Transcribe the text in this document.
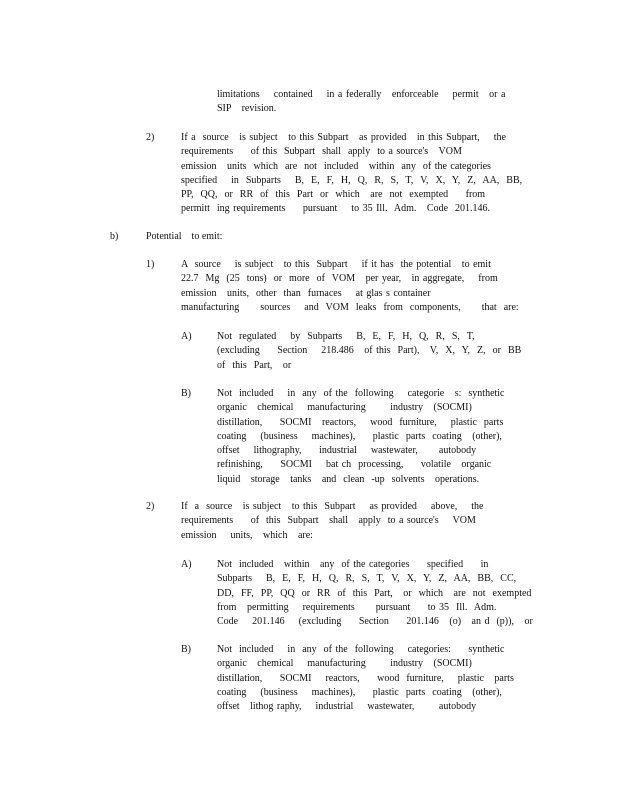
limitations    contained    in a federally   enforceable    permit   or a

SIP   revision.

2)	If a  source   is subject   to this Subpart   as provided   in this Subpart,    the

requirements     of this  Subpart  shall  apply  to a source's   VOM

emission   units  which  are  not  included   within  any  of the categories

specified    in  Subparts    B,  E,  F,  H,  Q,  R,  S,  T,  V,  X,  Y,  Z,  AA,  BB,

PP,  QQ,  or  RR  of  this  Part  or  which   are  not  exempted     from

permitt  ing requirements     pursuant    to 35 Ill.  Adm.   Code  201.146.

b)	Potential    to emit:
1)	A  source    is subject   to this  Subpart    if it has  the potential   to emit

22.7  Mg  (25  tons)  or  more  of  VOM   per year,   in aggregate,    from

emission   units,  other  than  furnaces    at glas s container

manufacturing      sources    and  VOM  leaks  from  components,      that  are:

A)	Not  regulated    by  Subparts    B,  E,  F,  H,  Q,  R,  S,  T,

(excluding     Section    218.486   of this  Part),   V,  X,  Y,  Z,  or  BB

of  this  Part,   or

B)	Not  included    in  any  of the  following    categorie   s:  synthetic

organic   chemical    manufacturing       industry   (SOCMI)

distillation,     SOCMI   reactors,    wood  furniture,    plastic  parts

coating    (business    machines),     plastic  parts  coating   (other),

offset    lithography,     industrial    wastewater,      autobody

refinishing,     SOCMI    bat ch  processing,     volatile   organic

liquid   storage   tanks   and  clean  -up  solvents   operations.

2)	If  a  source   is subject   to this  Subpart    as provided    above,    the

requirements     of  this  Subpart   shall   apply  to a source's    VOM

emission    units,   which   are:

A)	Not  included   within   any  of the categories     specified     in

Subparts    B,  E,  F,  H,  Q,  R,  S,  T,  V,  X,  Y,  Z,  AA,  BB,  CC,

DD,  FF,  PP,  QQ  or  RR  of  this  Part,   or  which   are  not  exempted

from   permitting    requirements      pursuant     to 35  Ill.  Adm.

Code    201.146    (excluding     Section     201.146   (o)   an d  (p)),   or

B)	Not  included    in  any  of the  following    categories:     synthetic

organic   chemical    manufacturing       industry   (SOCMI)

distillation,     SOCMI    reactors,     wood  furniture,    plastic   parts

coating    (business    machines),     plastic  parts  coating   (other),

offset   lithog raphy,    industrial    wastewater,       autobody
